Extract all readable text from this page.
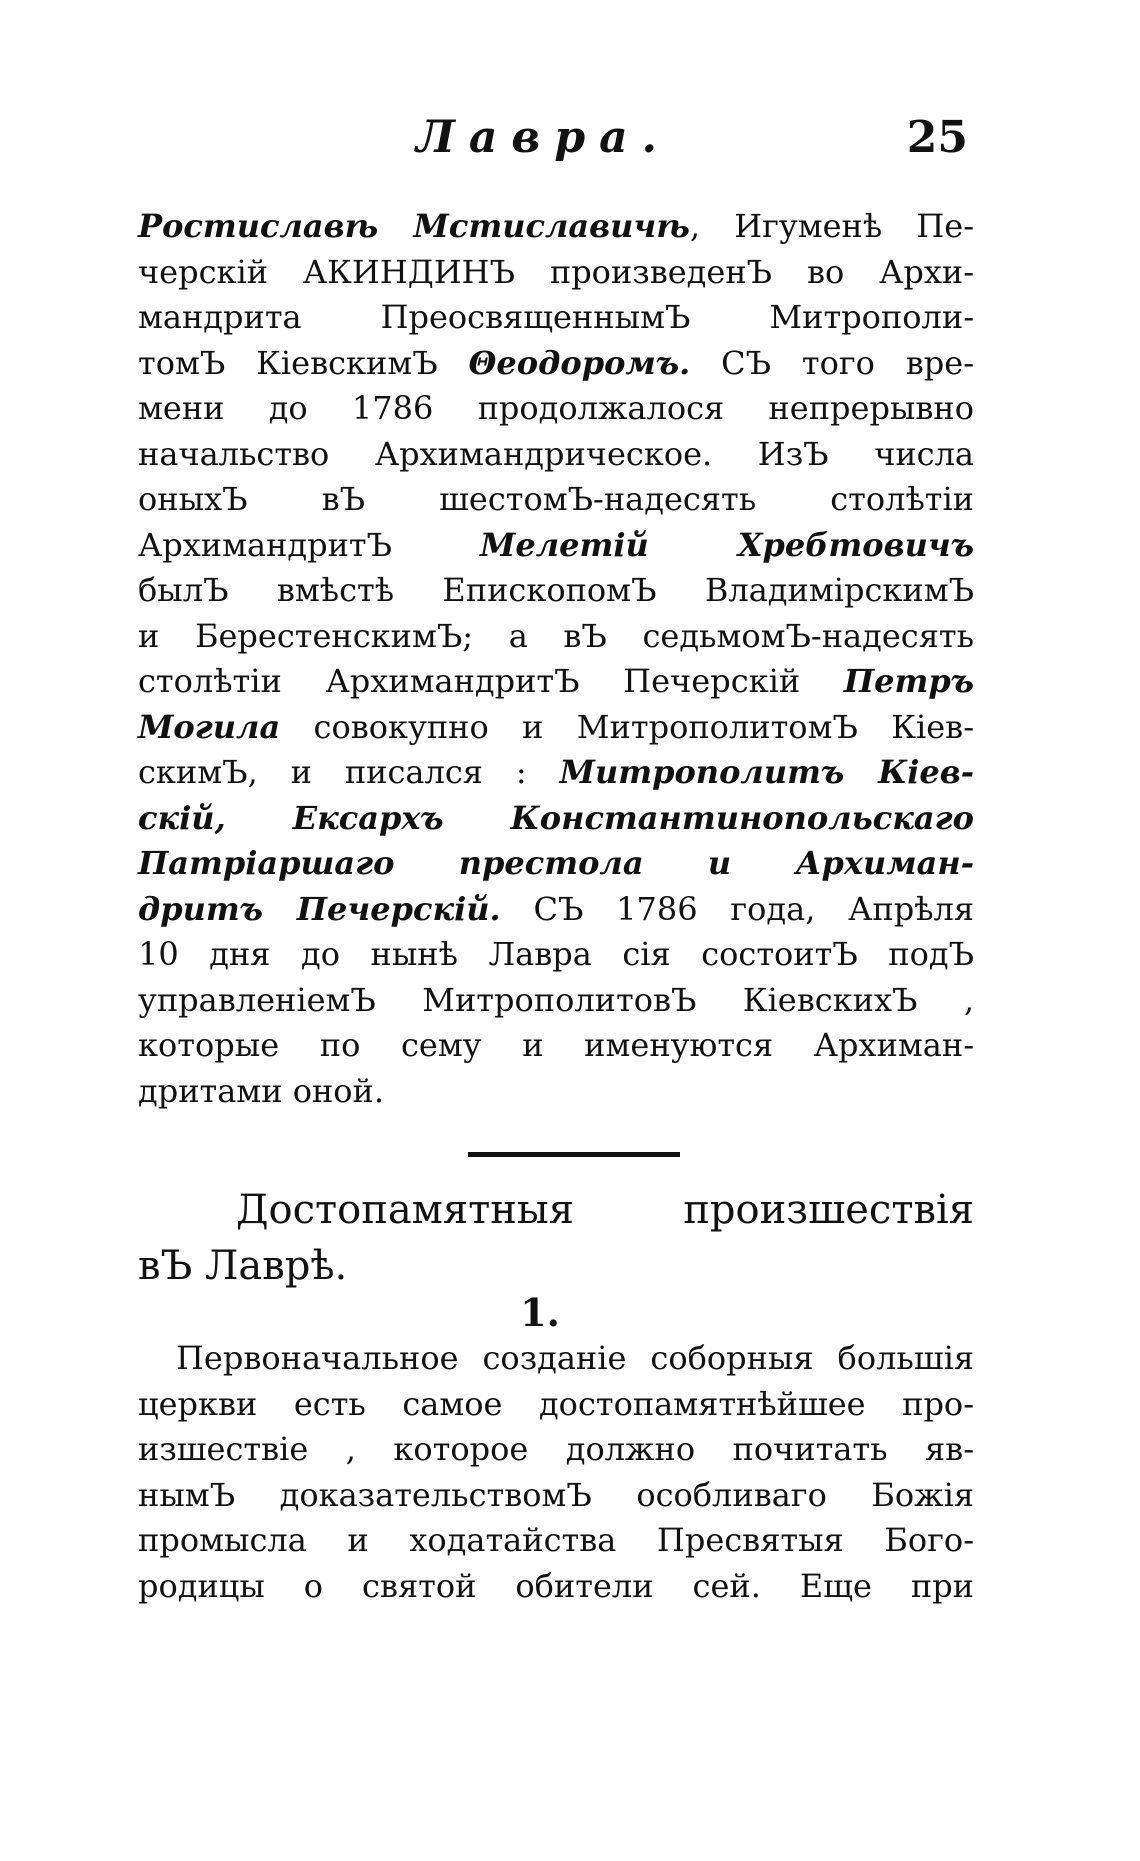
Лавра.	25
Ростиславѣ Мстиславичѣ, Игуменѣ Пе-
черскiй АКИНДИНЪ произведенЪ во Архи-
мандрита ПреосвященнымЪ Митрополи-
томЪ КiевскимЪ Θеодоромъ. СЪ того вре-
мени до 1786 продолжалося непрерывно
начальство Архимандрическое. ИзЪ числа
оныхЪ вЪ шестомЪ-надесять столѣтiи
АрхимандритЪ Мелетiй Хребтовичъ
былЪ вмѣстѣ ЕпископомЪ ВладимiрскимЪ
и БерестенскимЪ; а вЪ седьмомЪ-надесять
столѣтiи АрхимандритЪ Печерскiй Петръ
Могила совокупно и МитрополитомЪ Кiев-
скимЪ, и писался : Митрополитъ Кiев-
скiй, Ексархъ Константинопольскаго
Патрiаршаго престола и Архиман-
дритъ Печерскiй. СЪ 1786 года, Апрѣля
10 дня до нынѣ Лавра сiя состоитЪ подЪ
управленiемЪ МитрополитовЪ КiевскихЪ ,
которые по сему и именуются Архиман-
дритами оной.
Достопамятныя произшествiя
вЪ Лаврѣ.
1.
Первоначальное созданiе соборныя большiя
церкви есть самое достопамятнѣйшее про-
изшествiе , которое должно почитать яв-
нымЪ доказательствомЪ особливаго Божiя
промысла и ходатайства Пресвятыя Бого-
родицы о святой обители сей. Еще при
